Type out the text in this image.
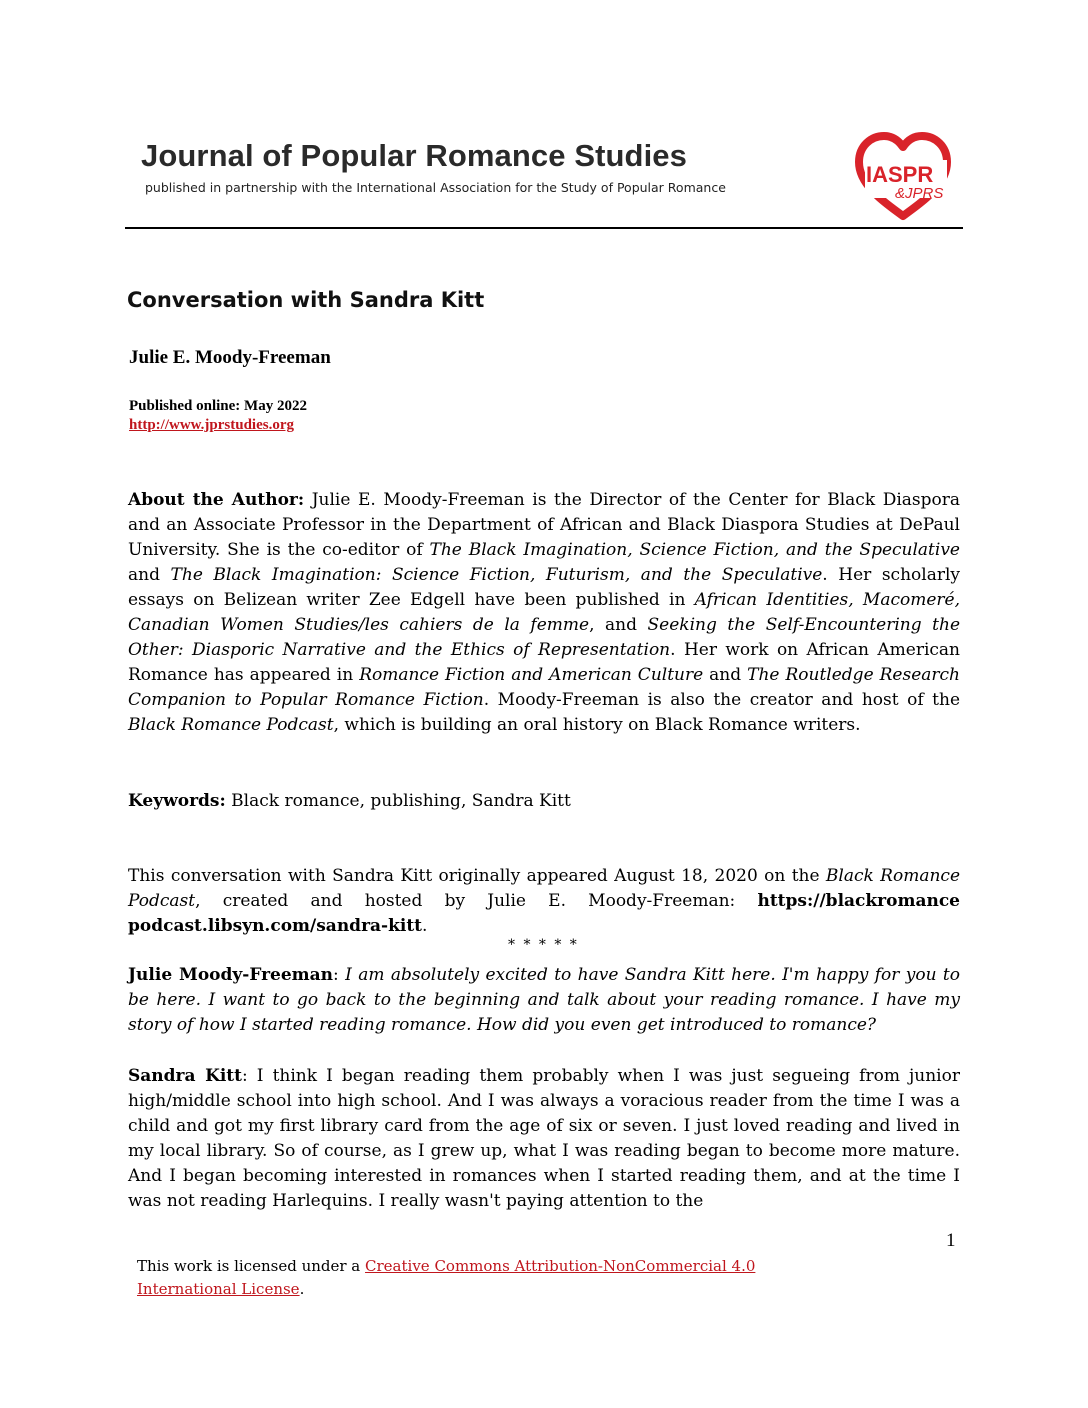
Journal of Popular Romance Studies
published in partnership with the International Association for the Study of Popular Romance
IASPR
&JPRS
Conversation with Sandra Kitt
Julie E. Moody-Freeman
Published online: May 2022
http://www.jprstudies.org

About the Author: Julie E. Moody-Freeman is the Director of the Center for Black Diaspora and an Associate Professor in the Department of African and Black Diaspora Studies at DePaul University. She is the co-editor of The Black Imagination, Science Fiction, and the Speculative and The Black Imagination: Science Fiction, Futurism, and the Speculative. Her scholarly essays on Belizean writer Zee Edgell have been published in African Identities, Macomeré, Canadian Women Studies/les cahiers de la femme, and Seeking the Self-Encountering the Other: Diasporic Narrative and the Ethics of Representation. Her work on African American Romance has appeared in Romance Fiction and American Culture and The Routledge Research Companion to Popular Romance Fiction. Moody-Freeman is also the creator and host of the Black Romance Podcast, which is building an oral history on Black Romance writers.

Keywords: Black romance, publishing, Sandra Kitt

This conversation with Sandra Kitt originally appeared August 18, 2020 on the Black Romance Podcast, created and hosted by Julie E. Moody-Freeman: https://blackromance podcast.libsyn.com/sandra-kitt.

* * * * *

Julie Moody-Freeman: I am absolutely excited to have Sandra Kitt here. I'm happy for you to be here. I want to go back to the beginning and talk about your reading romance. I have my story of how I started reading romance. How did you even get introduced to romance?

Sandra Kitt: I think I began reading them probably when I was just segueing from junior high/middle school into high school. And I was always a voracious reader from the time I was a child and got my first library card from the age of six or seven. I just loved reading and lived in my local library. So of course, as I grew up, what I was reading began to become more mature. And I began becoming interested in romances when I started reading them, and at the time I was not reading Harlequins. I really wasn't paying attention to the

1
This work is licensed under a Creative Commons Attribution-NonCommercial 4.0 International License.
